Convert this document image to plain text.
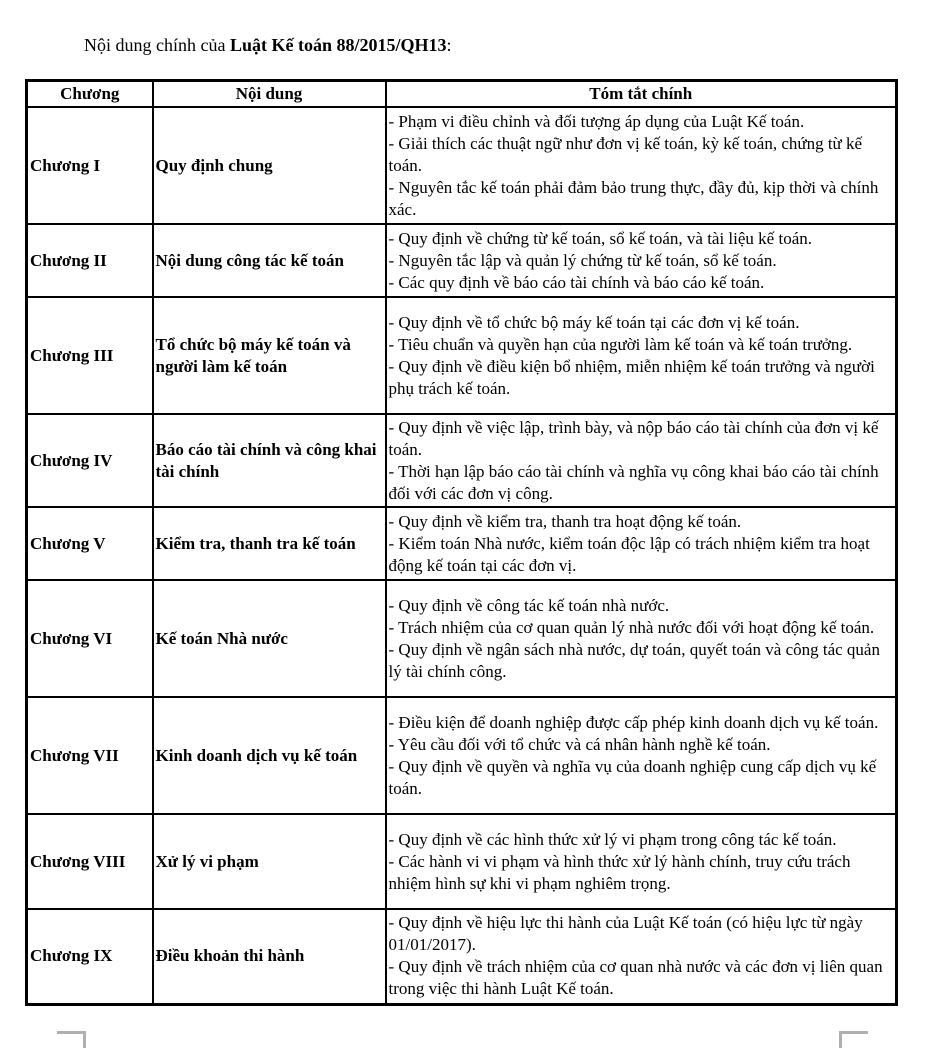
Nội dung chính của Luật Kế toán 88/2015/QH13:
Chương	Nội dung	Tóm tắt chính
Chương I	Quy định chung	- Phạm vi điều chỉnh và đối tượng áp dụng của Luật Kế toán.
- Giải thích các thuật ngữ như đơn vị kế toán, kỳ kế toán, chứng từ kế toán.
- Nguyên tắc kế toán phải đảm bảo trung thực, đầy đủ, kịp thời và chính xác.

Chương II	Nội dung công tác kế toán	- Quy định về chứng từ kế toán, sổ kế toán, và tài liệu kế toán.
- Nguyên tắc lập và quản lý chứng từ kế toán, sổ kế toán.
- Các quy định về báo cáo tài chính và báo cáo kế toán.

Chương III	Tổ chức bộ máy kế toán và người làm kế toán	- Quy định về tổ chức bộ máy kế toán tại các đơn vị kế toán.
- Tiêu chuẩn và quyền hạn của người làm kế toán và kế toán trưởng.
- Quy định về điều kiện bổ nhiệm, miễn nhiệm kế toán trưởng và người phụ trách kế toán.

Chương IV	Báo cáo tài chính và công khai tài chính	- Quy định về việc lập, trình bày, và nộp báo cáo tài chính của đơn vị kế toán.
- Thời hạn lập báo cáo tài chính và nghĩa vụ công khai báo cáo tài chính đối với các đơn vị công.

Chương V	Kiểm tra, thanh tra kế toán	- Quy định về kiểm tra, thanh tra hoạt động kế toán.
- Kiểm toán Nhà nước, kiểm toán độc lập có trách nhiệm kiểm tra hoạt động kế toán tại các đơn vị.

Chương VI	Kế toán Nhà nước	- Quy định về công tác kế toán nhà nước.
- Trách nhiệm của cơ quan quản lý nhà nước đối với hoạt động kế toán.
- Quy định về ngân sách nhà nước, dự toán, quyết toán và công tác quản lý tài chính công.

Chương VII	Kinh doanh dịch vụ kế toán	- Điều kiện để doanh nghiệp được cấp phép kinh doanh dịch vụ kế toán.
- Yêu cầu đối với tổ chức và cá nhân hành nghề kế toán.
- Quy định về quyền và nghĩa vụ của doanh nghiệp cung cấp dịch vụ kế toán.

Chương VIII	Xử lý vi phạm	- Quy định về các hình thức xử lý vi phạm trong công tác kế toán.
- Các hành vi vi phạm và hình thức xử lý hành chính, truy cứu trách nhiệm hình sự khi vi phạm nghiêm trọng.

Chương IX	Điều khoản thi hành	- Quy định về hiệu lực thi hành của Luật Kế toán (có hiệu lực từ ngày 01/01/2017).
- Quy định về trách nhiệm của cơ quan nhà nước và các đơn vị liên quan trong việc thi hành Luật Kế toán.
